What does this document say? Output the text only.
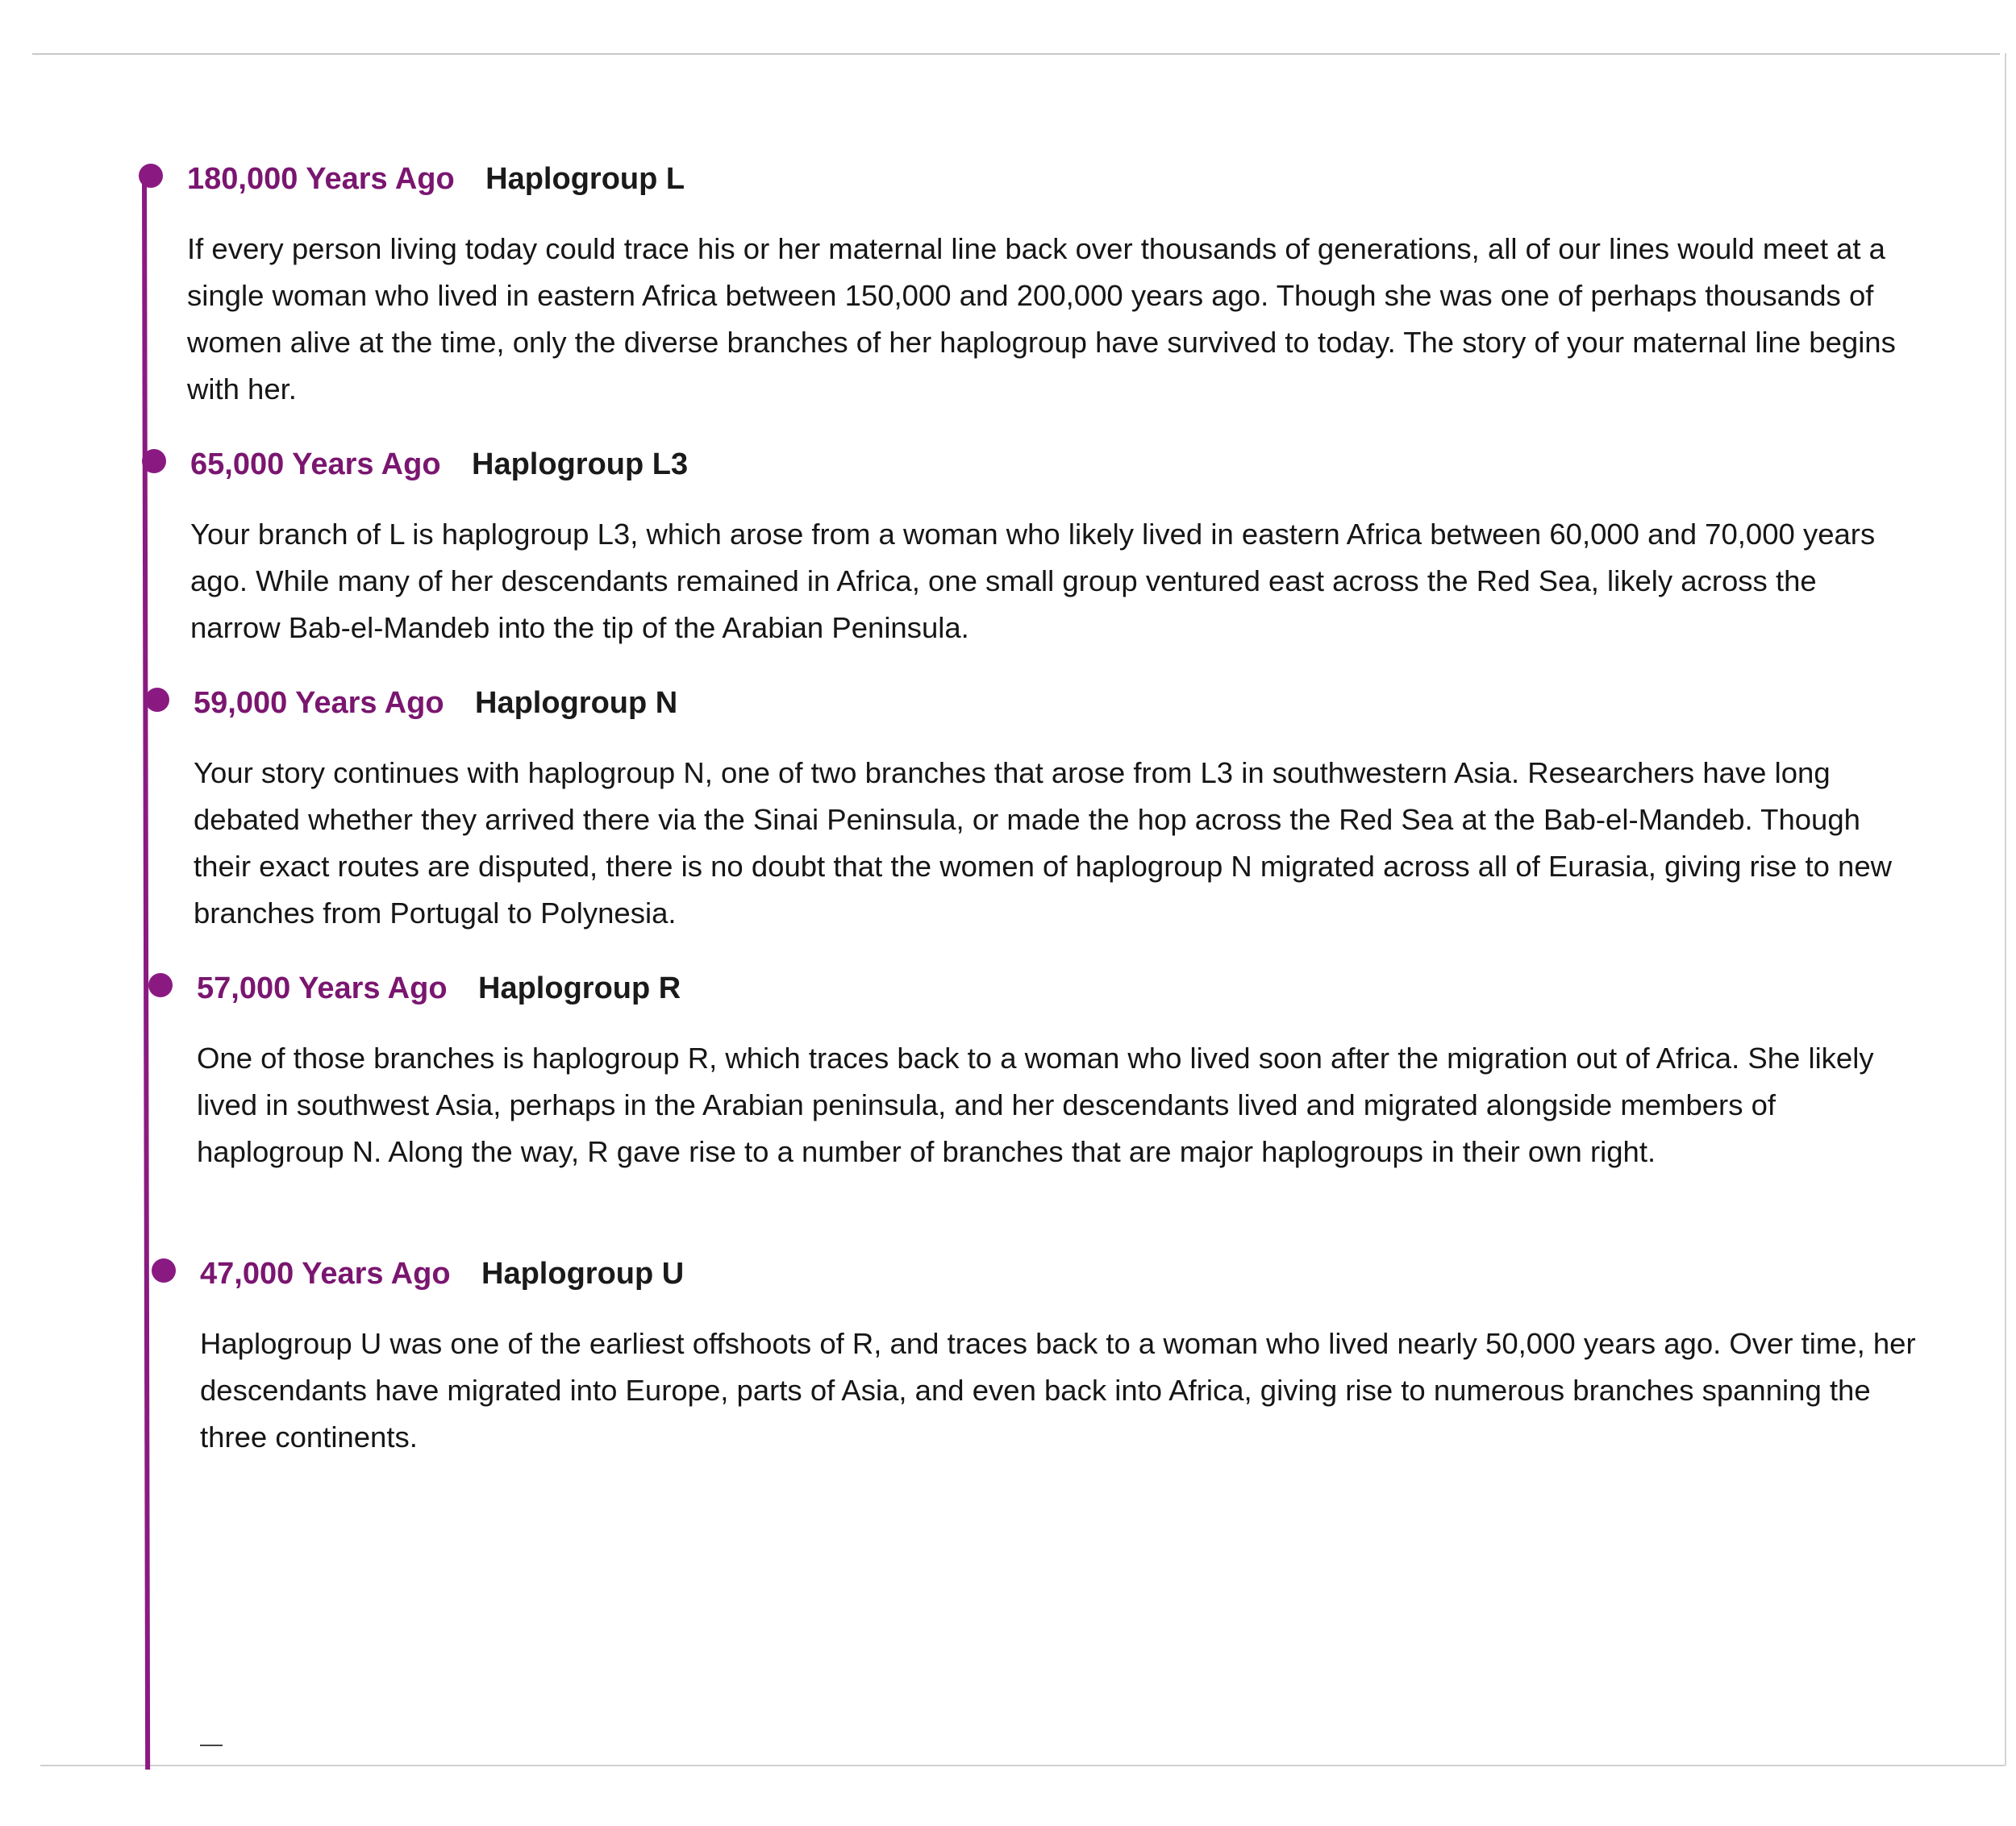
180,000 Years Ago Haplogroup L

If every person living today could trace his or her maternal line back over thousands of generations, all of our lines would meet at a single woman who lived in eastern Africa between 150,000 and 200,000 years ago. Though she was one of perhaps thousands of women alive at the time, only the diverse branches of her haplogroup have survived to today. The story of your maternal line begins with her.

65,000 Years Ago Haplogroup L3

Your branch of L is haplogroup L3, which arose from a woman who likely lived in eastern Africa between 60,000 and 70,000 years ago. While many of her descendants remained in Africa, one small group ventured east across the Red Sea, likely across the narrow Bab-el-Mandeb into the tip of the Arabian Peninsula.

59,000 Years Ago Haplogroup N

Your story continues with haplogroup N, one of two branches that arose from L3 in southwestern Asia. Researchers have long debated whether they arrived there via the Sinai Peninsula, or made the hop across the Red Sea at the Bab-el-Mandeb. Though their exact routes are disputed, there is no doubt that the women of haplogroup N migrated across all of Eurasia, giving rise to new branches from Portugal to Polynesia.

57,000 Years Ago Haplogroup R

One of those branches is haplogroup R, which traces back to a woman who lived soon after the migration out of Africa. She likely lived in southwest Asia, perhaps in the Arabian peninsula, and her descendants lived and migrated alongside members of haplogroup N. Along the way, R gave rise to a number of branches that are major haplogroups in their own right.

47,000 Years Ago Haplogroup U

Haplogroup U was one of the earliest offshoots of R, and traces back to a woman who lived nearly 50,000 years ago. Over time, her descendants have migrated into Europe, parts of Asia, and even back into Africa, giving rise to numerous branches spanning the three continents.
